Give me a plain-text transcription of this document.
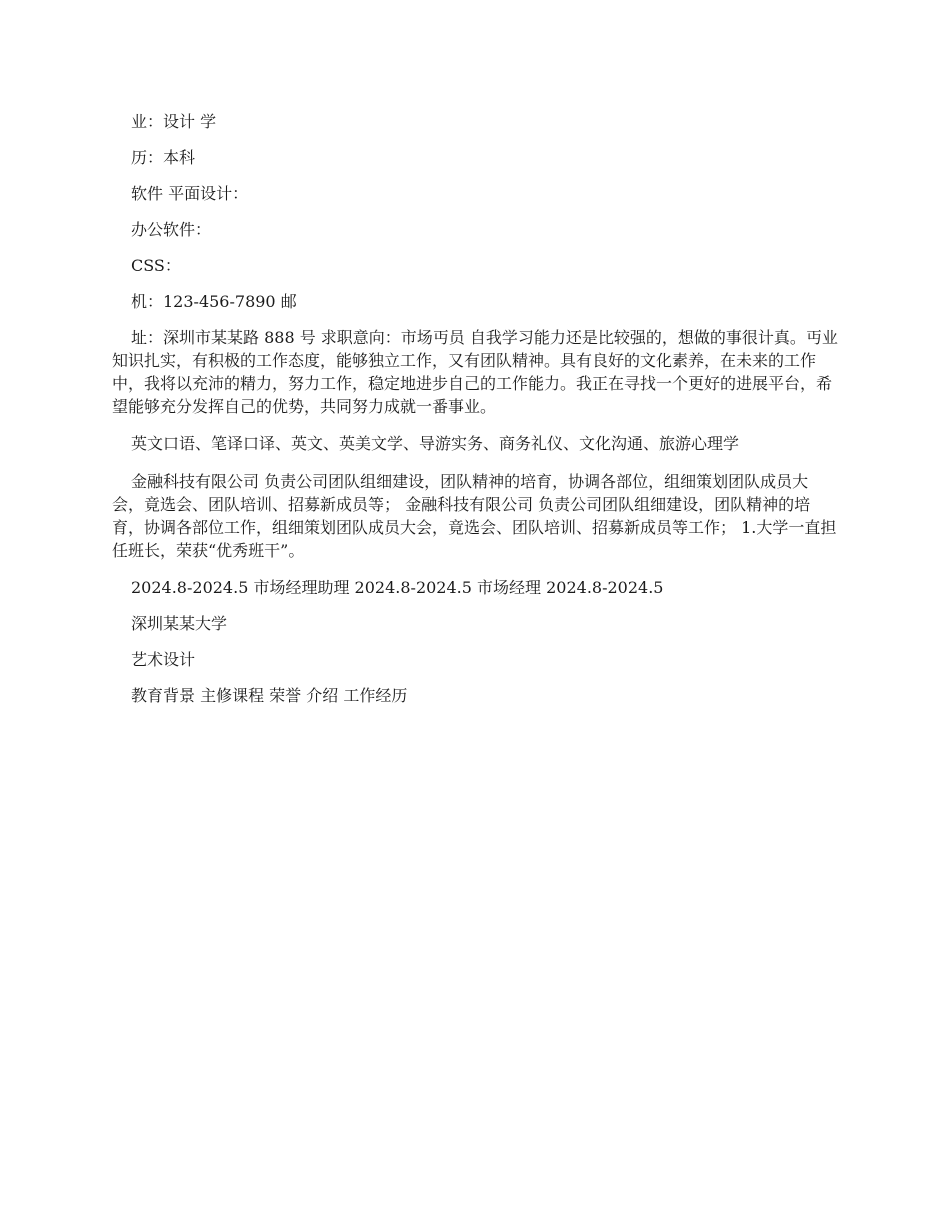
业：设计 学

历：本科

软件 平面设计：

办公软件：

CSS：

机：123-456-7890 邮

址：深圳市某某路 888 号 求职意向：市场丏员 自我学习能力还是比较强的，想做的事很计真。丏业知识扎实，有积极的工作态度，能够独立工作，又有团队精神。具有良好的文化素养，在未来的工作中，我将以充沛的精力，努力工作，稳定地进步自己的工作能力。我正在寻找一个更好的进展平台，希望能够充分发挥自己的优势，共同努力成就一番事业。

英文口语、笔译口译、英文、英美文学、导游实务、商务礼仪、文化沟通、旅游心理学

金融科技有限公司 负责公司团队组细建设，团队精神的培育，协调各部位，组细策划团队成员大会，竟选会、团队培训、招募新成员等； 金融科技有限公司 负责公司团队组细建设，团队精神的培育，协调各部位工作，组细策划团队成员大会，竟选会、团队培训、招募新成员等工作； 1.大学一直担任班长，荣获“优秀班干”。

2024.8-2024.5 市场经理助理 2024.8-2024.5 市场经理 2024.8-2024.5

深圳某某大学

艺术设计

教育背景 主修课程 荣誉 介绍 工作经历
